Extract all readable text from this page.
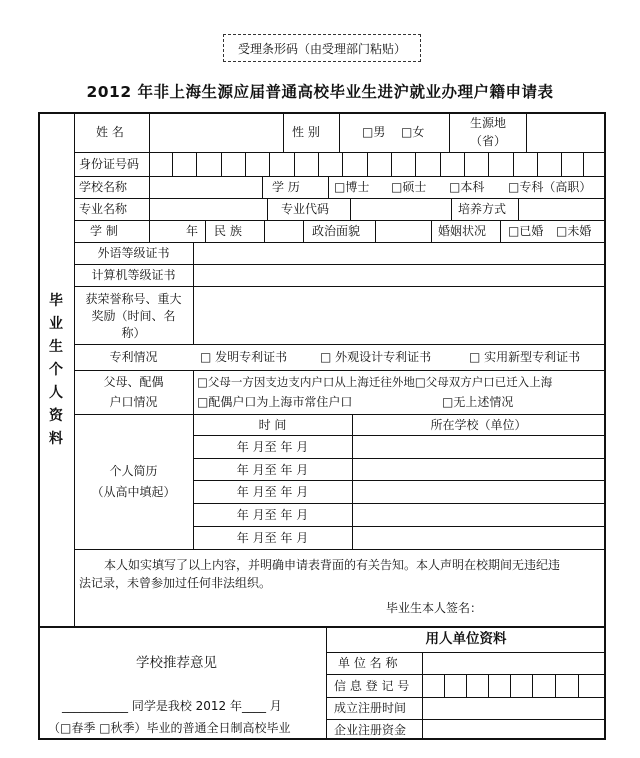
受理条形码（由受理部门粘贴）
2012 年非上海生源应届普通高校毕业生进沪就业办理户籍申请表
毕业生个人资料
姓 名	性 别	□男 □女
生源地
（省）
身份证号码
学校名称	学 历	□博士 □硕士 □本科 □专科（高职）
专业名称	专业代码	培养方式
学 制	年 民 族	政治面貌	婚姻状况 □已婚 □未婚
外语等级证书
计算机等级证书
获荣誉称号、重大
奖励（时间、名
称）
专利情况	□ 发明专利证书	□ 外观设计专利证书	□ 实用新型专利证书
父母、配偶
户口情况
□父母一方因支边支内户口从上海迁往外地□父母双方户口已迁入上海
□配偶户口为上海市常住户口	□无上述情况
个人简历
（从高中填起）
时 间	所在学校（单位）
年 月至 年 月
年 月至 年 月
年 月至 年 月
年 月至 年 月
年 月至 年 月
本人如实填写了以上内容，并明确申请表背面的有关告知。本人声明在校期间无违纪违
法记录，未曾参加过任何非法组织。
毕业生本人签名：
学校推荐意见
___________ 同学是我校 2012 年____ 月
（□春季 □秋季）毕业的普通全日制高校毕业
用人单位资料
单 位 名 称
信 息 登 记 号
成立注册时间
企业注册资金
